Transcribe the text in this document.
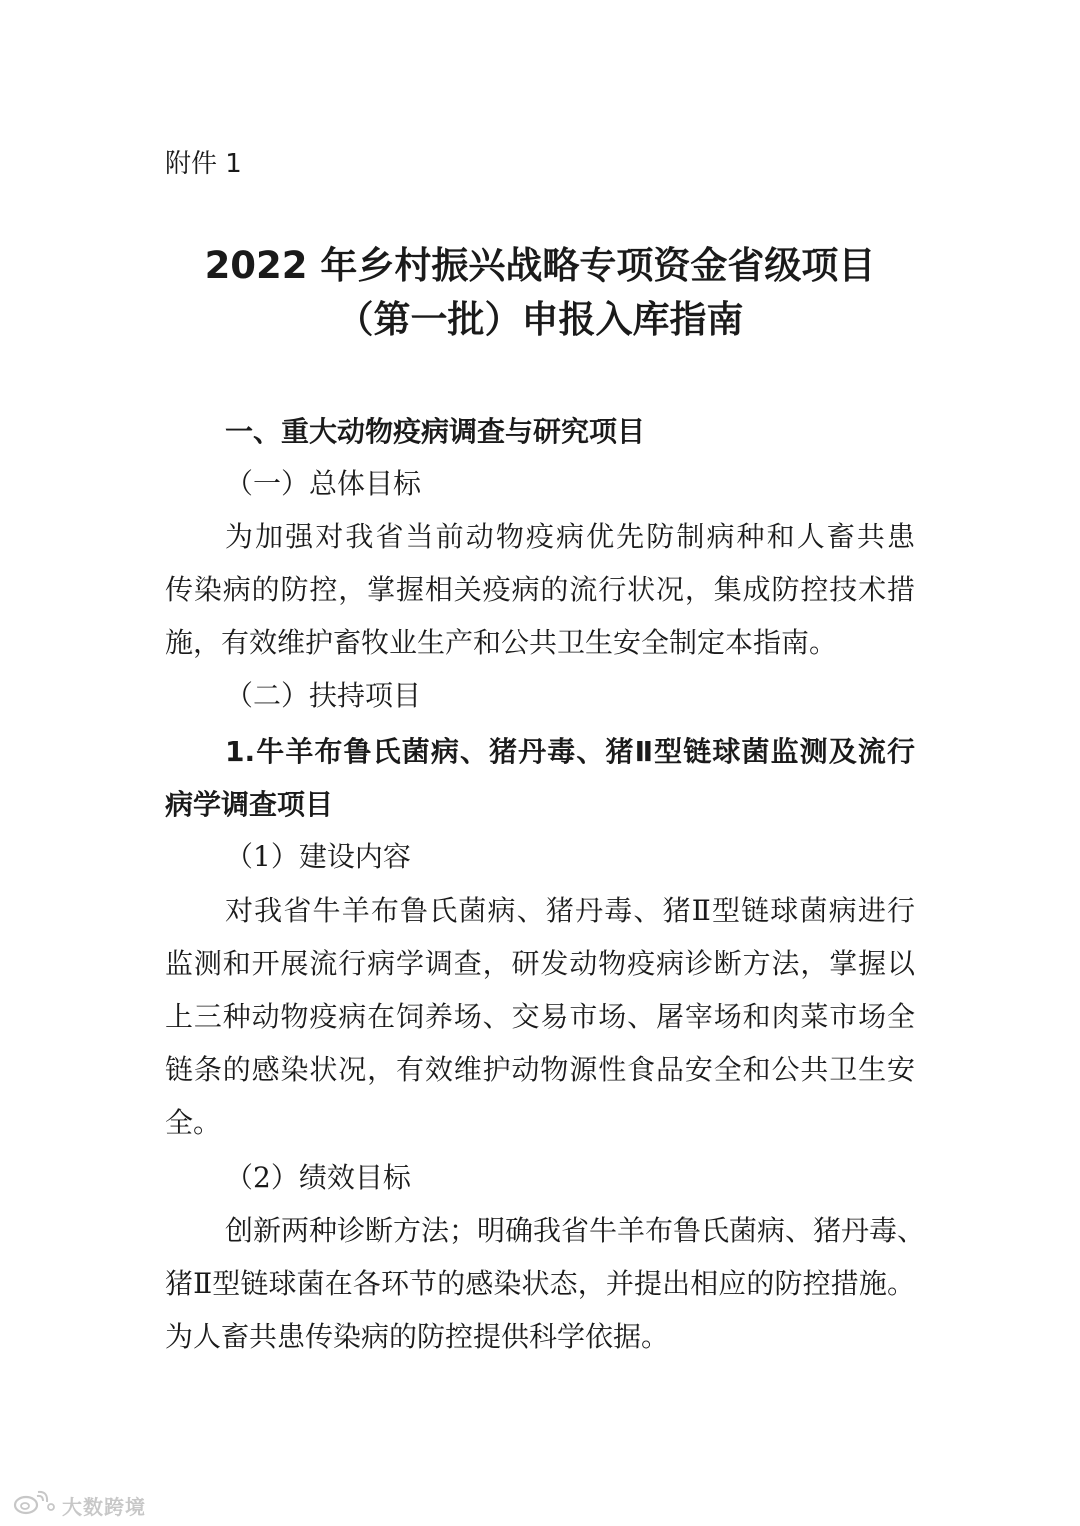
附件 1
2022 年乡村振兴战略专项资金省级项目
（第一批）申报入库指南
一、重大动物疫病调查与研究项目
（一）总体目标
为加强对我省当前动物疫病优先防制病种和人畜共患
传染病的防控，掌握相关疫病的流行状况，集成防控技术措
施，有效维护畜牧业生产和公共卫生安全制定本指南。
（二）扶持项目
1.牛羊布鲁氏菌病、猪丹毒、猪Ⅱ型链球菌监测及流行
病学调查项目
（1）建设内容
对我省牛羊布鲁氏菌病、猪丹毒、猪Ⅱ型链球菌病进行
监测和开展流行病学调查，研发动物疫病诊断方法，掌握以
上三种动物疫病在饲养场、交易市场、屠宰场和肉菜市场全
链条的感染状况，有效维护动物源性食品安全和公共卫生安
全。
（2）绩效目标
创新两种诊断方法；明确我省牛羊布鲁氏菌病、猪丹毒、
猪Ⅱ型链球菌在各环节的感染状态，并提出相应的防控措施。
为人畜共患传染病的防控提供科学依据。
大数跨境
